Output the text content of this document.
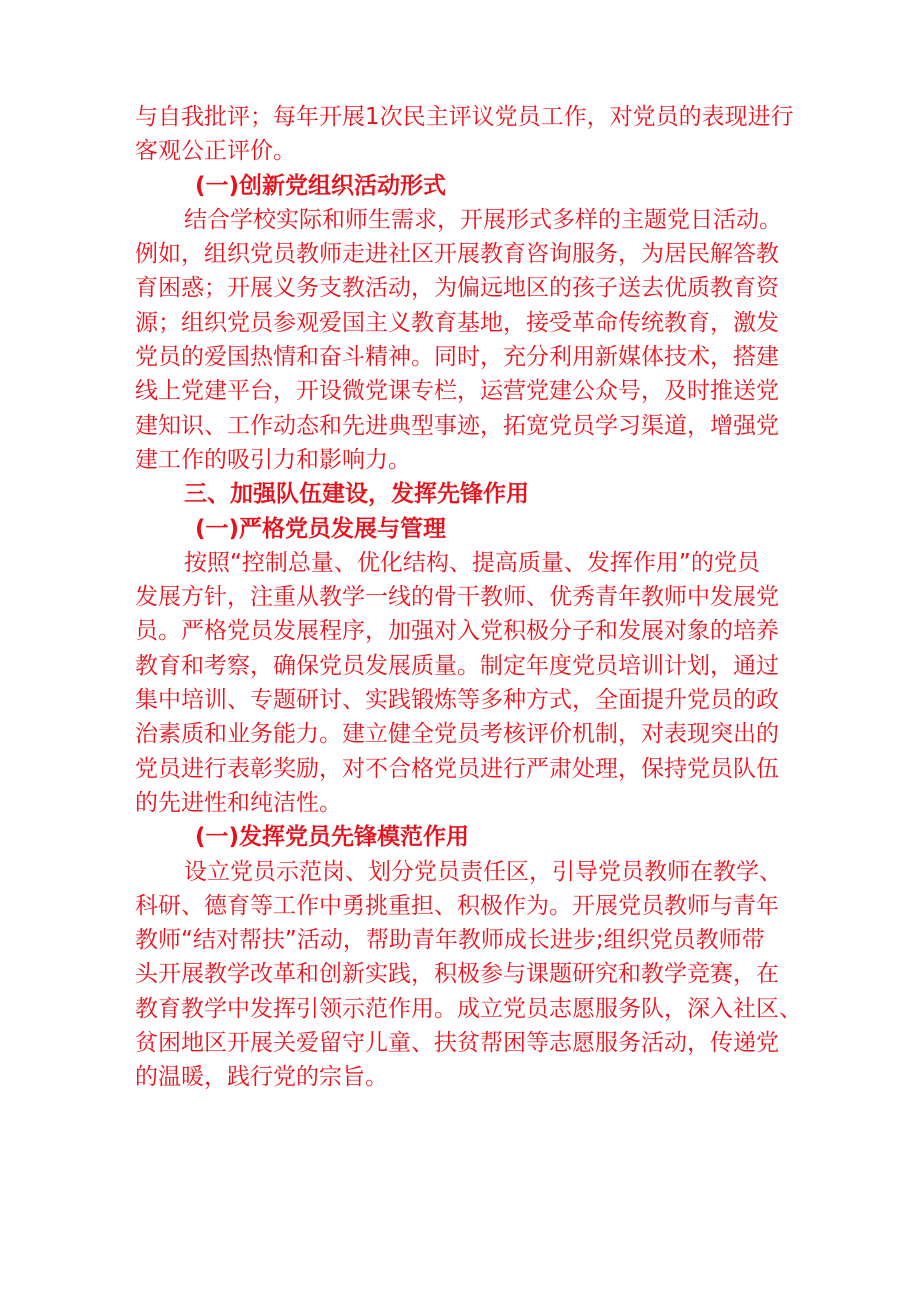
与自我批评；每年开展1次民主评议党员工作，对党员的表现进行
客观公正评价。
(一)创新党组织活动形式
结合学校实际和师生需求，开展形式多样的主题党日活动。
例如，组织党员教师走进社区开展教育咨询服务，为居民解答教
育困惑；开展义务支教活动，为偏远地区的孩子送去优质教育资
源；组织党员参观爱国主义教育基地，接受革命传统教育，激发
党员的爱国热情和奋斗精神。同时，充分利用新媒体技术，搭建
线上党建平台，开设微党课专栏，运营党建公众号，及时推送党
建知识、工作动态和先进典型事迹，拓宽党员学习渠道，增强党
建工作的吸引力和影响力。
三、加强队伍建设，发挥先锋作用
(一)严格党员发展与管理
按照“控制总量、优化结构、提高质量、发挥作用”的党员
发展方针，注重从教学一线的骨干教师、优秀青年教师中发展党
员。严格党员发展程序，加强对入党积极分子和发展对象的培养
教育和考察，确保党员发展质量。制定年度党员培训计划，通过
集中培训、专题研讨、实践锻炼等多种方式，全面提升党员的政
治素质和业务能力。建立健全党员考核评价机制，对表现突出的
党员进行表彰奖励，对不合格党员进行严肃处理，保持党员队伍
的先进性和纯洁性。
(一)发挥党员先锋模范作用
设立党员示范岗、划分党员责任区，引导党员教师在教学、
科研、德育等工作中勇挑重担、积极作为。开展党员教师与青年
教师“结对帮扶”活动，帮助青年教师成长进步;组织党员教师带
头开展教学改革和创新实践，积极参与课题研究和教学竞赛，在
教育教学中发挥引领示范作用。成立党员志愿服务队，深入社区、
贫困地区开展关爱留守儿童、扶贫帮困等志愿服务活动，传递党
的温暖，践行党的宗旨。
